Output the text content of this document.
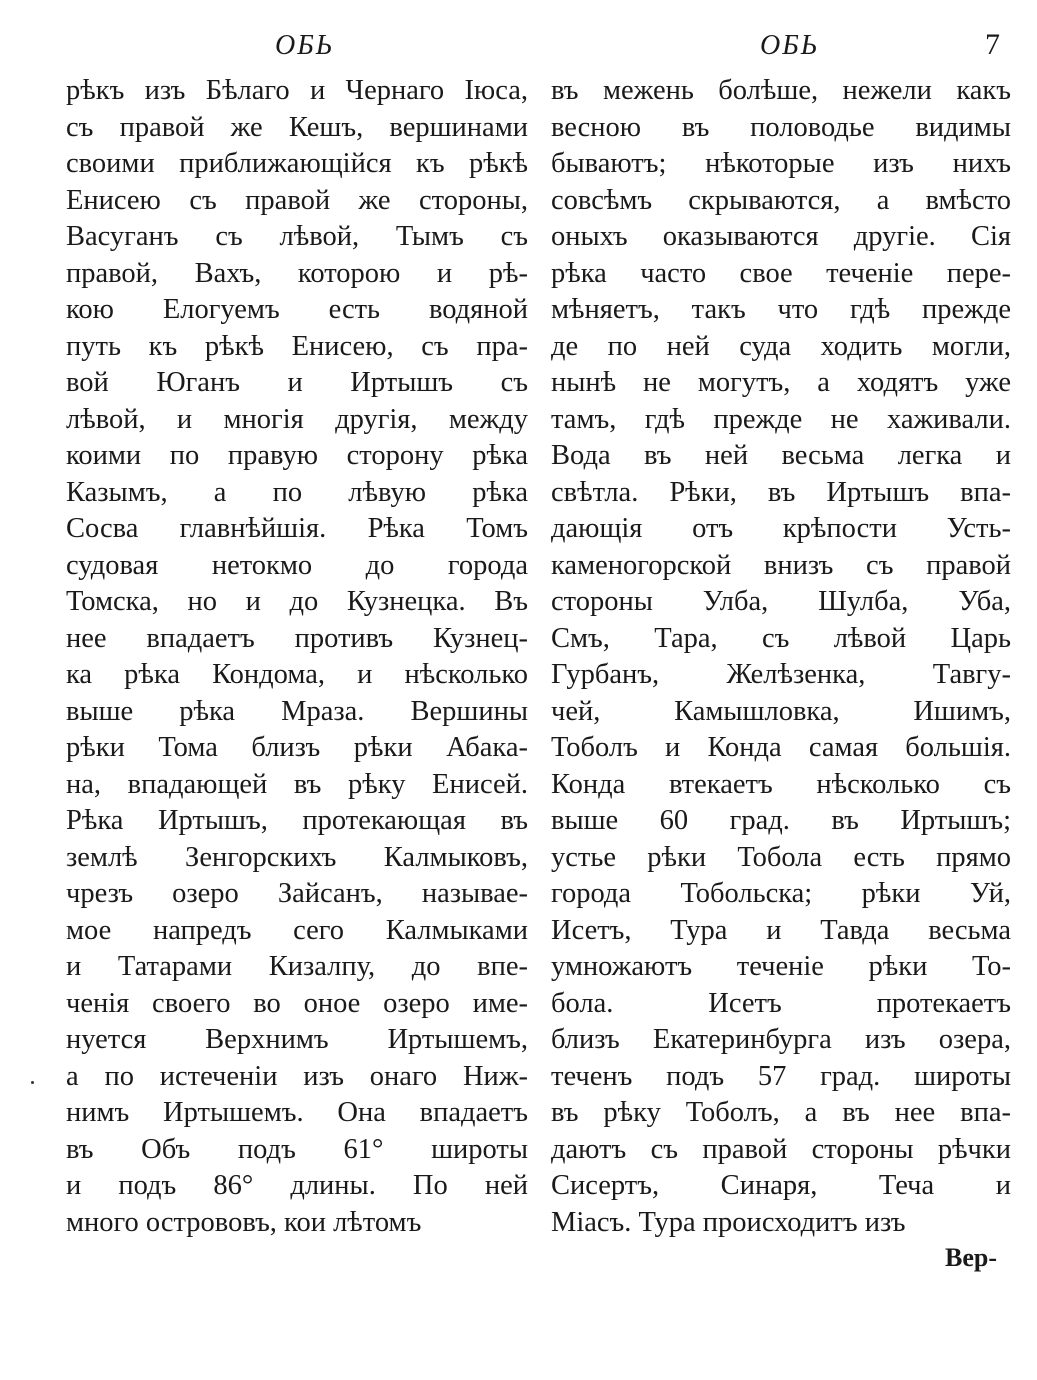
ОБЬ	ОБЬ	7
рѣкъ изъ Бѣлаго и Чернаго Іюса,
съ правой же Кешъ, вершинами
своими приближающійся къ рѣкѣ
Енисею съ правой же стороны,
Васуганъ съ лѣвой, Тымъ съ
правой, Вахъ, которою и рѣ-
кою Елогуемъ есть водяной
путь къ рѣкѣ Енисею, съ пра-
вой Юганъ и Иртышъ съ
лѣвой, и многія другія, между
коими по правую сторону рѣка
Казымъ, а по лѣвую рѣка
Сосва главнѣйшія. Рѣка Томъ
судовая нетокмо до города
Томска, но и до Кузнецка. Въ
нее впадаетъ противъ Кузнец-
ка рѣка Кондома, и нѣсколько
выше рѣка Мраза. Вершины
рѣки Тома близъ рѣки Абака-
на, впадающей въ рѣку Енисей.
Рѣка Иртышъ, протекающая въ
землѣ Зенгорскихъ Калмыковъ,
чрезъ озеро Зайсанъ, называе-
мое напредъ сего Калмыками
и Татарами Кизалпу, до впе-
ченія своего во оное озеро име-
нуется Верхнимъ Иртышемъ,
а по истеченіи изъ онаго Ниж-
нимъ Иртышемъ. Она впадаетъ
въ Объ подъ 61° широты
и подъ 86° длины. По ней
много острововъ, кои лѣтомъ
въ межень болѣше, нежели какъ
весною въ половодье видимы
бываютъ; нѣкоторые изъ нихъ
совсѣмъ скрываются, а вмѣсто
оныхъ оказываются другіе. Сія
рѣка часто свое теченіе пере-
мѣняетъ, такъ что гдѣ прежде
де по ней суда ходить могли,
нынѣ не могутъ, а ходятъ уже
тамъ, гдѣ прежде не хаживали.
Вода въ ней весьма легка и
свѣтла. Рѣки, въ Иртышъ впа-
дающія отъ крѣпости Усть-
каменогорской внизъ съ правой
стороны Улба, Шулба, Уба,
Смъ, Тара, съ лѣвой Царь
Гурбанъ, Желѣзенка, Тавгу-
чей, Камышловка, Ишимъ,
Тоболъ и Конда самая большія.
Конда втекаетъ нѣсколько съ
выше 60 град. въ Иртышъ;
устье рѣки Тобола есть прямо
города Тобольска; рѣки Уй,
Исетъ, Тура и Тавда весьма
умножаютъ теченіе рѣки То-
бола. Исетъ протекаетъ
близъ Екатеринбурга изъ озера,
теченъ подъ 57 град. широты
въ рѣку Тоболъ, а въ нее впа-
даютъ съ правой стороны рѣчки
Сисертъ, Синаря, Теча и
Міасъ. Тура происходитъ изъ
Вер-
